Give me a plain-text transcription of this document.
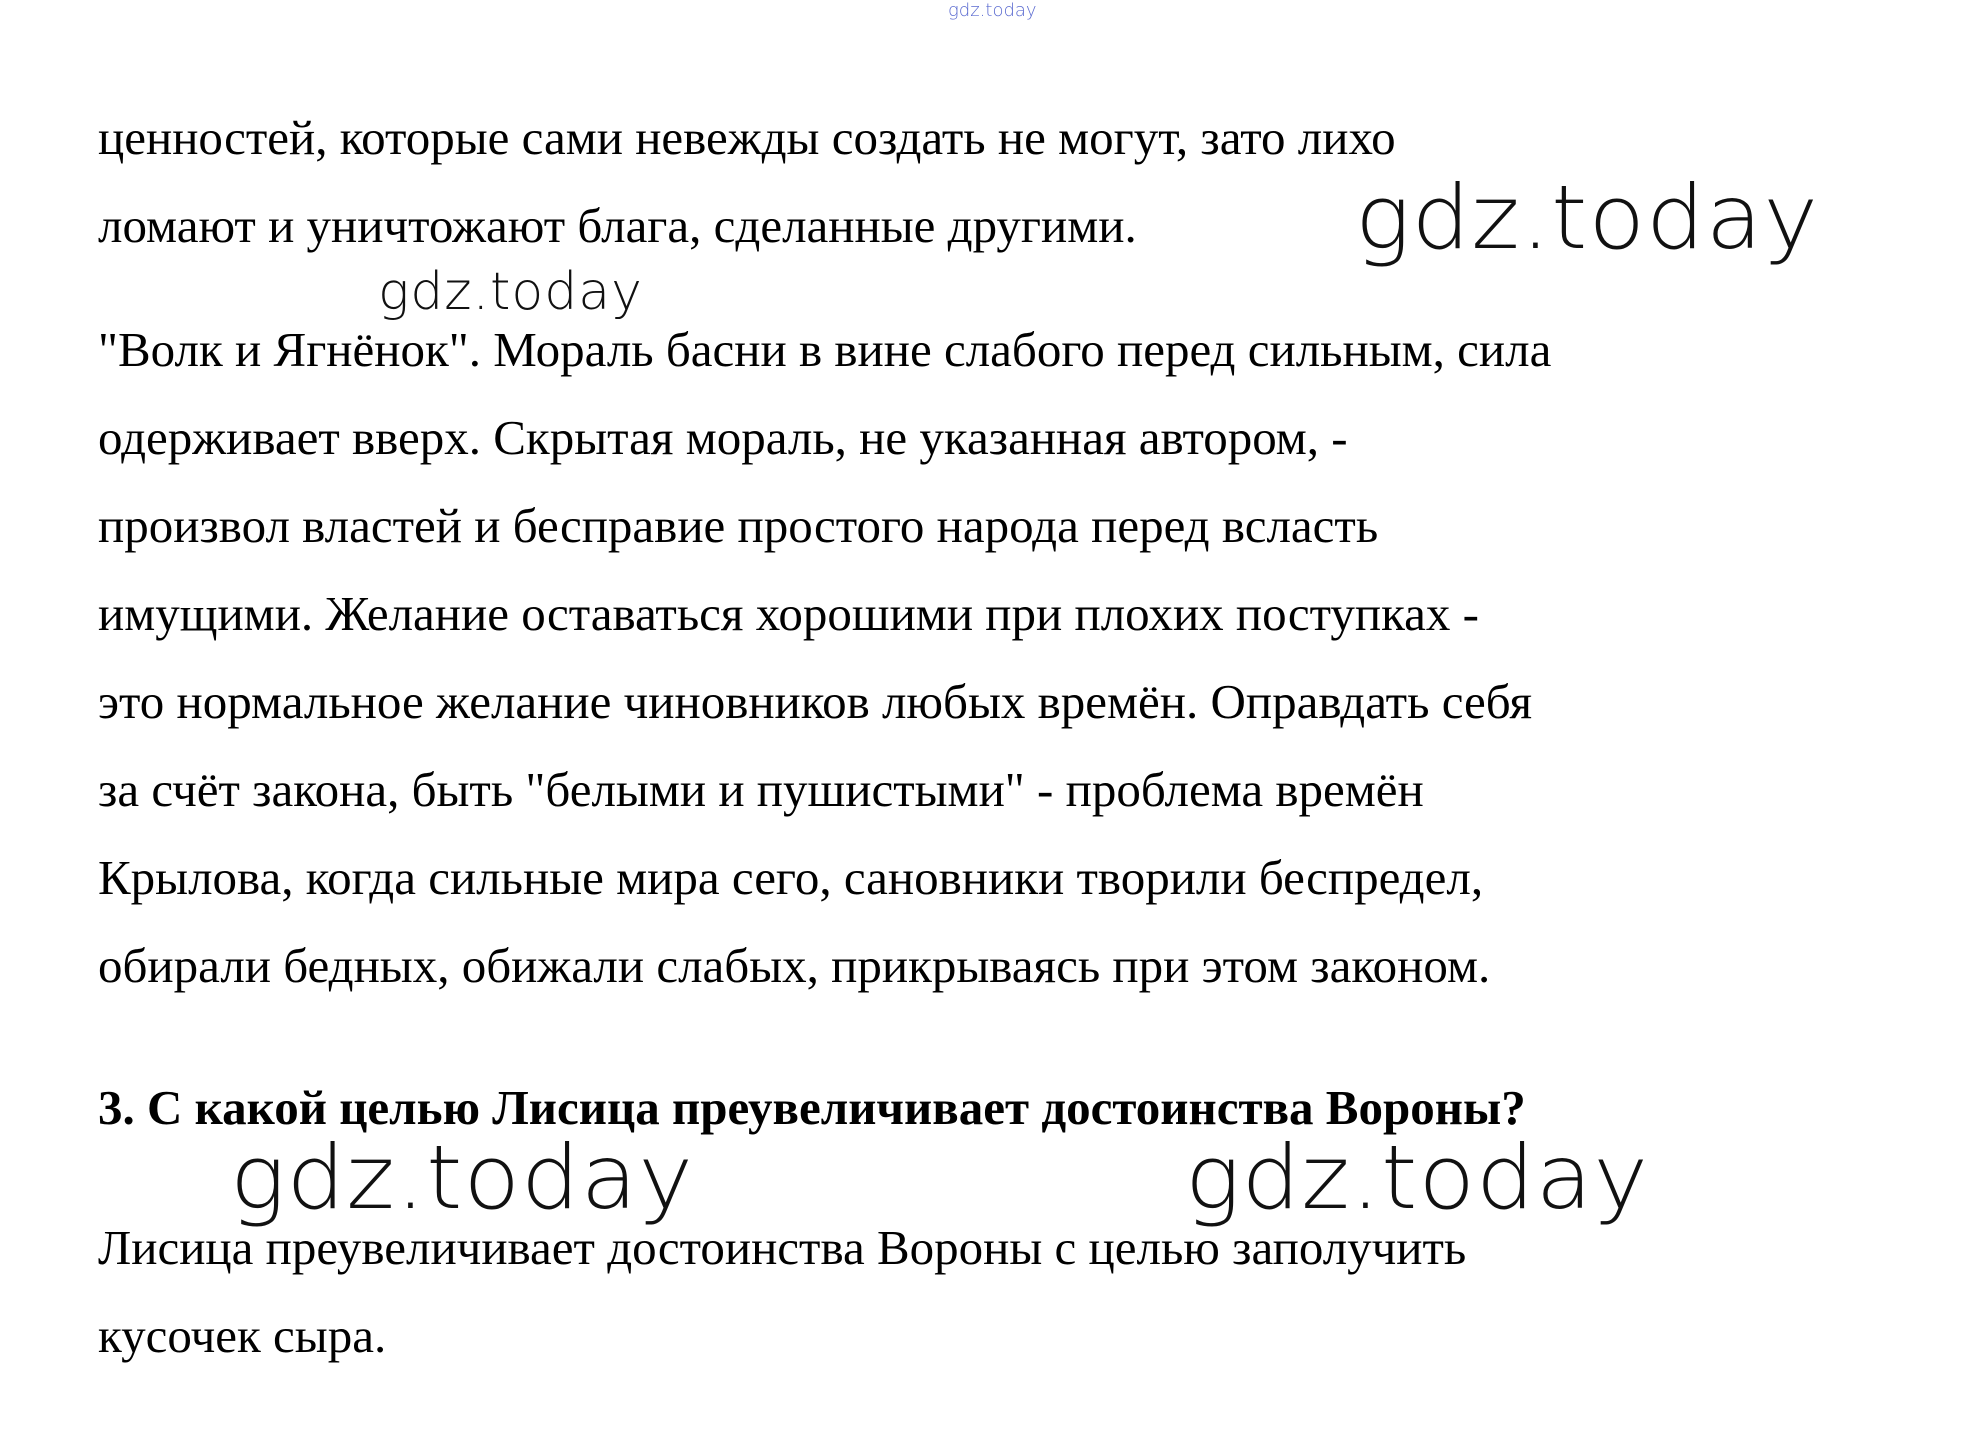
gdz.today
ценностей, которые сами невежды создать не могут, зато лихо
ломают и уничтожают блага, сделанные другими. gdz.today
gdz.today
"Волк и Ягнёнок". Мораль басни в вине слабого перед сильным, сила
одерживает вверх. Скрытая мораль, не указанная автором, -
произвол властей и бесправие простого народа перед всласть
имущими. Желание оставаться хорошими при плохих поступках -
это нормальное желание чиновников любых времён. Оправдать себя
за счёт закона, быть "белыми и пушистыми" - проблема времён
Крылова, когда сильные мира сего, сановники творили беспредел,
обирали бедных, обижали слабых, прикрываясь при этом законом.
3. С какой целью Лисица преувеличивает достоинства Вороны?
gdz.today	gdz.today
Лисица преувеличивает достоинства Вороны с целью заполучить
кусочек сыра.
